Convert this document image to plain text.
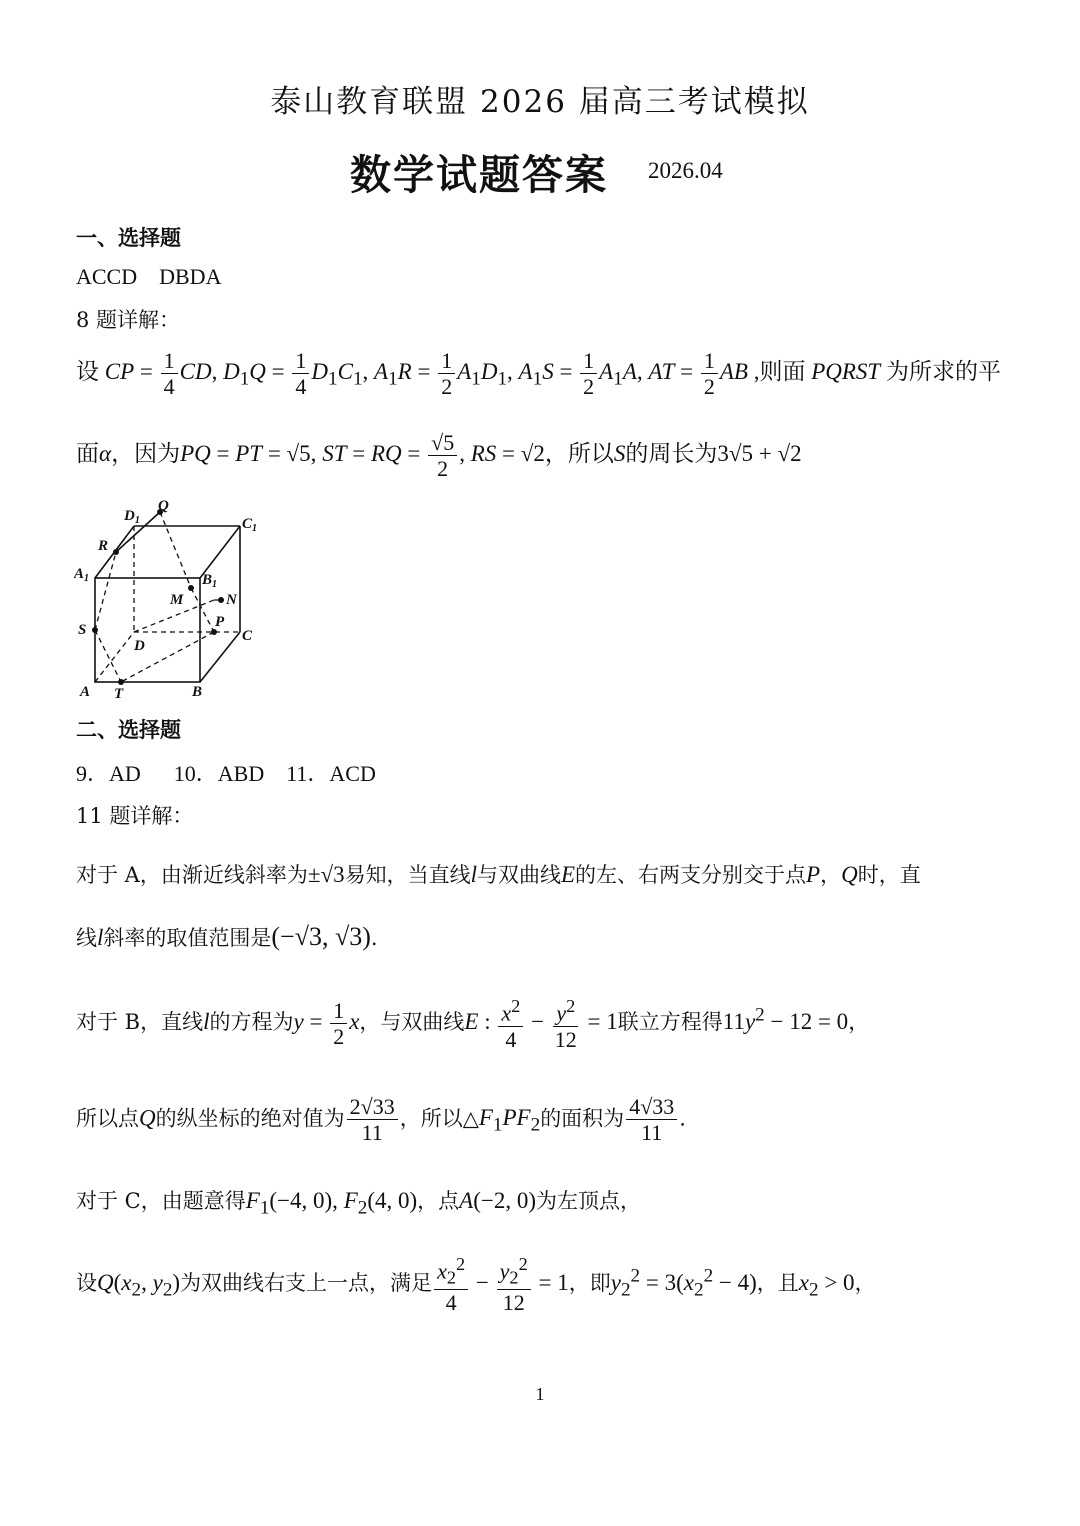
泰山教育联盟 2026 届高三考试模拟
数学试题答案 2026.04
一、选择题
ACCD    DBDA
8 题详解：
设 CP = $\frac{1}{4}$ CD, $D_1Q = \frac{1}{4} D_1C_1$, $A_1R = \frac{1}{2} A_1D_1$, $A_1S = \frac{1}{2} A_1A$, AT = $\frac{1}{2}$ AB ,则面 PQRST 为所求的平
面α，因为PQ = PT = √5, ST = RQ = $\frac{√5}{2}$ , RS = √2，所以S的周长为3√5 + √2
$D_1$
Q
$C_1$
R
$A_1$	$B_1$
M	N
S	P
C
D
A T	B
二、选择题
9．AD      10．ABD    11．ACD
11 题详解：
对于 A，由渐近线斜率为±√3易知，当直线l与双曲线E的左、右两支分别交于点P，Q时，直
线l斜率的取值范围是(−√3, √3).
对于 B，直线l的方程为$y = \frac{1}{2}$ x，与双曲线E : $\frac{x^2}{4} - \frac{y^2}{12} = 1$联立方程得$11y^2 - 12 = 0$，
所以点Q的纵坐标的绝对值为 $\frac{2√33}{11}$ ，所以$\triangle F_1PF_2$的面积为 $\frac{4√33}{11}$ .
对于 C，由题意得$F_1(-4$, 0), $F_2(4$, 0)，点A(−2, 0)为左顶点，
设$Q(x_2$, $y_2$)为双曲线右支上一点，满足 $\frac{x_2^2}{4} - \frac{y_2^2}{12} = 1$，即$y_2^2 = 3(x_2^2 - 4)$，且$x_2 > 0$，
1
